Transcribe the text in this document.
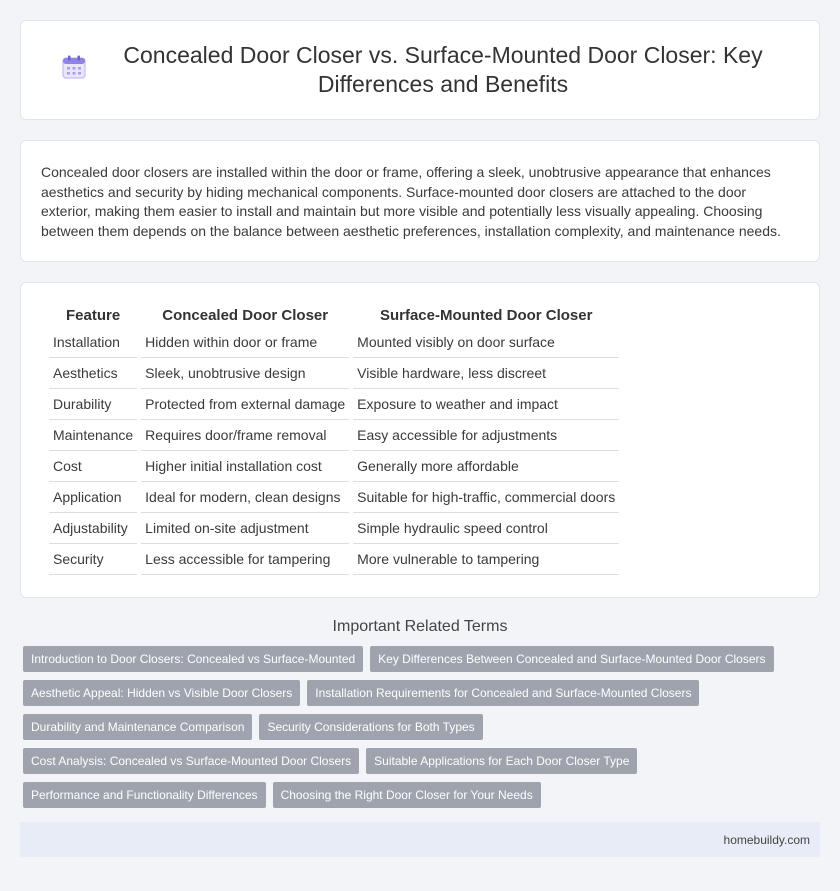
Concealed Door Closer vs. Surface-Mounted Door Closer: Key Differences and Benefits

Concealed door closers are installed within the door or frame, offering a sleek, unobtrusive appearance that enhances aesthetics and security by hiding mechanical components. Surface-mounted door closers are attached to the door exterior, making them easier to install and maintain but more visible and potentially less visually appealing. Choosing between them depends on the balance between aesthetic preferences, installation complexity, and maintenance needs.

Feature	Concealed Door Closer	Surface-Mounted Door Closer
Installation	Hidden within door or frame	Mounted visibly on door surface
Aesthetics	Sleek, unobtrusive design	Visible hardware, less discreet
Durability	Protected from external damage	Exposure to weather and impact
Maintenance	Requires door/frame removal	Easy accessible for adjustments
Cost	Higher initial installation cost	Generally more affordable
Application	Ideal for modern, clean designs	Suitable for high-traffic, commercial doors
Adjustability	Limited on-site adjustment	Simple hydraulic speed control
Security	Less accessible for tampering	More vulnerable to tampering
Important Related Terms
Introduction to Door Closers: Concealed vs Surface-Mounted	Key Differences Between Concealed and Surface-Mounted Door Closers
Aesthetic Appeal: Hidden vs Visible Door Closers	Installation Requirements for Concealed and Surface-Mounted Closers
Durability and Maintenance Comparison	Security Considerations for Both Types
Cost Analysis: Concealed vs Surface-Mounted Door Closers	Suitable Applications for Each Door Closer Type
Performance and Functionality Differences	Choosing the Right Door Closer for Your Needs
homebuildy.com
